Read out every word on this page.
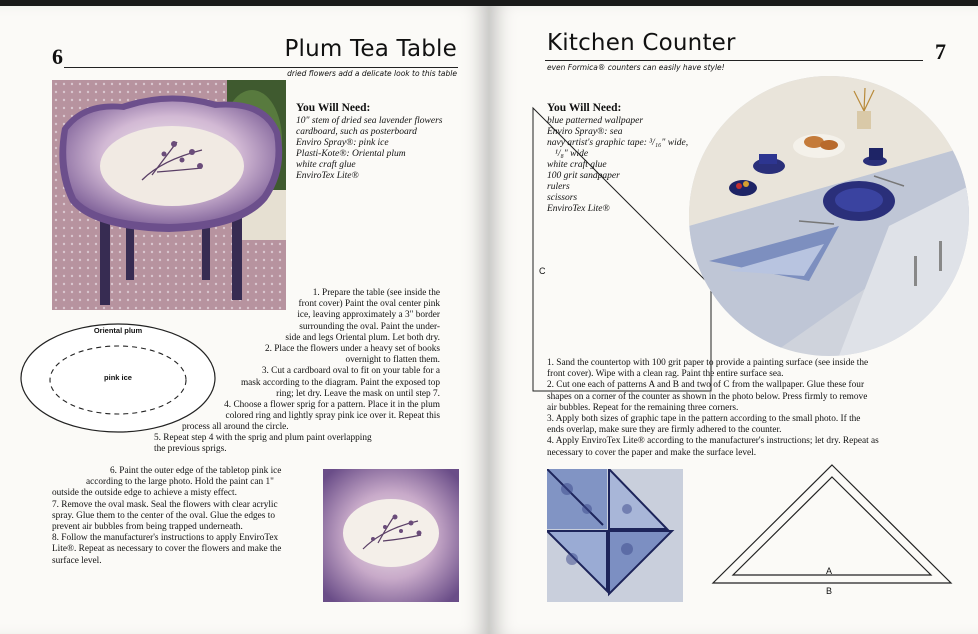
6	Plum Tea Table
dried flowers add a delicate look to this table
You Will Need:
10" stem of dried sea lavender flowers
cardboard, such as posterboard
Enviro Spray®: pink ice
Plasti-Kote®: Oriental plum
white craft glue
EnviroTex Lite®
Oriental plum
pink ice
1. Prepare the table (see inside the
front cover) Paint the oval center pink
ice, leaving approximately a 3" border
surrounding the oval. Paint the under-
side and legs Oriental plum. Let both dry.
2. Place the flowers under a heavy set of books
overnight to flatten them.
3. Cut a cardboard oval to fit on your table for a
mask according to the diagram. Paint the exposed top
ring; let dry. Leave the mask on until step 7.
4. Choose a flower sprig for a pattern. Place it in the plum
colored ring and lightly spray pink ice over it. Repeat this
process all around the circle.
5. Repeat step 4 with the sprig and plum paint overlapping
the previous sprigs.
6. Paint the outer edge of the tabletop pink ice
according to the large photo. Hold the paint can 1"
outside the outside edge to achieve a misty effect.
7. Remove the oval mask. Seal the flowers with clear acrylic
spray. Glue them to the center of the oval. Glue the edges to
prevent air bubbles from being trapped underneath.
8. Follow the manufacturer's instructions to apply EnviroTex
Lite®. Repeat as necessary to cover the flowers and make the
surface level.
Kitchen Counter	7
even Formica® counters can easily have style!
C
You Will Need:
blue patterned wallpaper
Enviro Spray®: sea
navy artist's graphic tape: ³/₁₆" wide,
¹/₈" wide
white craft glue
100 grit sandpaper
rulers
scissors
EnviroTex Lite®
1. Sand the countertop with 100 grit paper to provide a painting surface (see inside the
front cover). Wipe with a clean rag. Paint the entire surface sea.
2. Cut one each of patterns A and B and two of C from the wallpaper. Glue these four
shapes on a corner of the counter as shown in the photo below. Press firmly to remove
air bubbles. Repeat for the remaining three corners.
3. Apply both sizes of graphic tape in the pattern according to the small photo. If the
ends overlap, make sure they are firmly adhered to the counter.
4. Apply EnviroTex Lite® according to the manufacturer's instructions; let dry. Repeat as
necessary to cover the paper and make the surface level.
A
B
